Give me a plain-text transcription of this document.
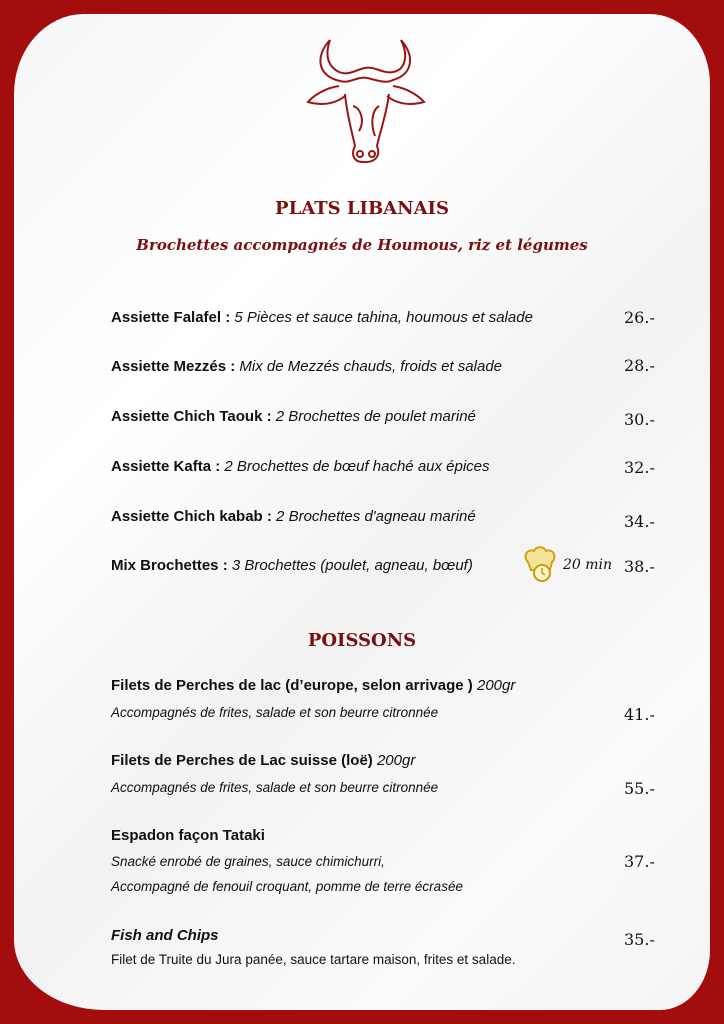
PLATS LIBANAIS
Brochettes accompagnés de Houmous, riz et légumes
Assiette Falafel : 5 Pièces et sauce tahina, houmous et salade	26.-
Assiette Mezzés : Mix de Mezzés chauds, froids et salade	28.-
Assiette Chich Taouk : 2 Brochettes de poulet mariné	30.-
Assiette Kafta : 2 Brochettes de bœuf haché aux épices	32.-
Assiette Chich kabab : 2 Brochettes d'agneau mariné	34.-
Mix Brochettes : 3 Brochettes (poulet, agneau, bœuf)	20 min 38.-
POISSONS
Filets de Perches de lac (d’europe, selon arrivage ) 200gr
Accompagnés de frites, salade et son beurre citronnée	41.-
Filets de Perches de Lac suisse (loë) 200gr
Accompagnés de frites, salade et son beurre citronnée	55.-
Espadon façon Tataki
Snacké enrobé de graines, sauce chimichurri,
Accompagné de fenouil croquant, pomme de terre écrasée
37.-
Fish and Chips
Filet de Truite du Jura panée, sauce tartare maison, frites et salade.
35.-
